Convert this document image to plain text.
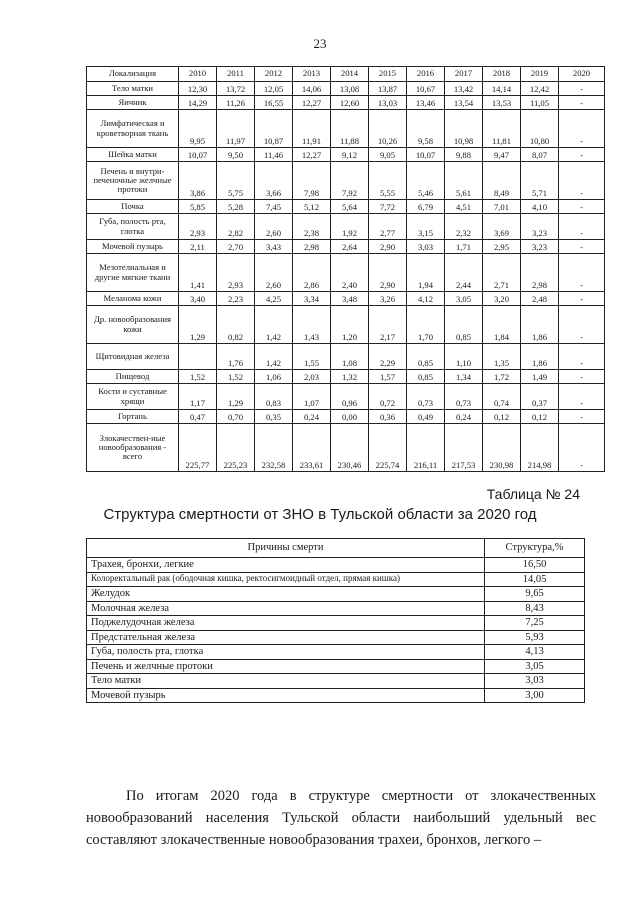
23
Локализация	2010	2011	2012	2013	2014	2015	2016	2017	2018	2019	2020
Тело матки	12,30	13,72	12,05	14,06	13,08	13,87	10,67	13,42	14,14	12,42	-
Яичник	14,29	11,26	16,55	12,27	12,60	13,03	13,46	13,54	13,53	11,05	-
Лимфатическая и кроветворная ткань	9,95	11,97	10,87	11,91	11,88	10,26	9,58	10,98	11,81	10,80	-
Шейка матки	10,07	9,50	11,46	12,27	9,12	9,05	10,07	9,88	9,47	8,07	-
Печень и внутри-печеночные желчные протоки	3,86	5,75	3,66	7,98	7,92	5,55	5,46	5,61	8,49	5,71	-
Почка	5,85	5,28	7,45	5,12	5,64	7,72	6,79	4,51	7,01	4,10	-
Губа, полость рта, глотка	2,93	2,82	2,60	2,38	1,92	2,77	3,15	2,32	3,69	3,23	-
Мочевой пузырь	2,11	2,70	3,43	2,98	2,64	2,90	3,03	1,71	2,95	3,23	-
Мезотелиальная и другие мягкие ткани	1,41	2,93	2,60	2,86	2,40	2,90	1,94	2,44	2,71	2,98	-
Меланома кожи	3,40	2,23	4,25	3,34	3,48	3,26	4,12	3,05	3,20	2,48	-
Др. новообразования кожи	1,29	0,82	1,42	1,43	1,20	2,17	1,70	0,85	1,84	1,86	-
Щитовидная железа		1,76	1,42	1,55	1,08	2,29	0,85	1,10	1,35	1,86	-
Пищевод	1,52	1,52	1,06	2,03	1,32	1,57	0,85	1,34	1,72	1,49	-
Кости и суставные хрящи	1,17	1,29	0,83	1,07	0,96	0,72	0,73	0,73	0,74	0,37	-
Гортань	0,47	0,70	0,35	0,24	0,00	0,36	0,49	0,24	0,12	0,12	-
Злокачествен-ные новообразования - всего	225,77	225,23	232,58	233,61	230,46	225,74	216,11	217,53	230,98	214,98	-
Таблица № 24
Структура смертности от ЗНО в Тульской области за 2020 год
Причины смерти	Структура,%
Трахея, бронхи, легкие	16,50
Колоректальный рак (ободочная кишка, ректосигмоидный отдел, прямая кишка)	14,05
Желудок	9,65
Молочная железа	8,43
Поджелудочная железа	7,25
Предстательная железа	5,93
Губа, полость рта, глотка	4,13
Печень и желчные протоки	3,05
Тело матки	3,03
Мочевой пузырь	3,00

По итогам 2020 года в структуре смертности от злокачественных новообразований населения Тульской области наибольший удельный вес составляют злокачественные новообразования трахеи, бронхов, легкого –
